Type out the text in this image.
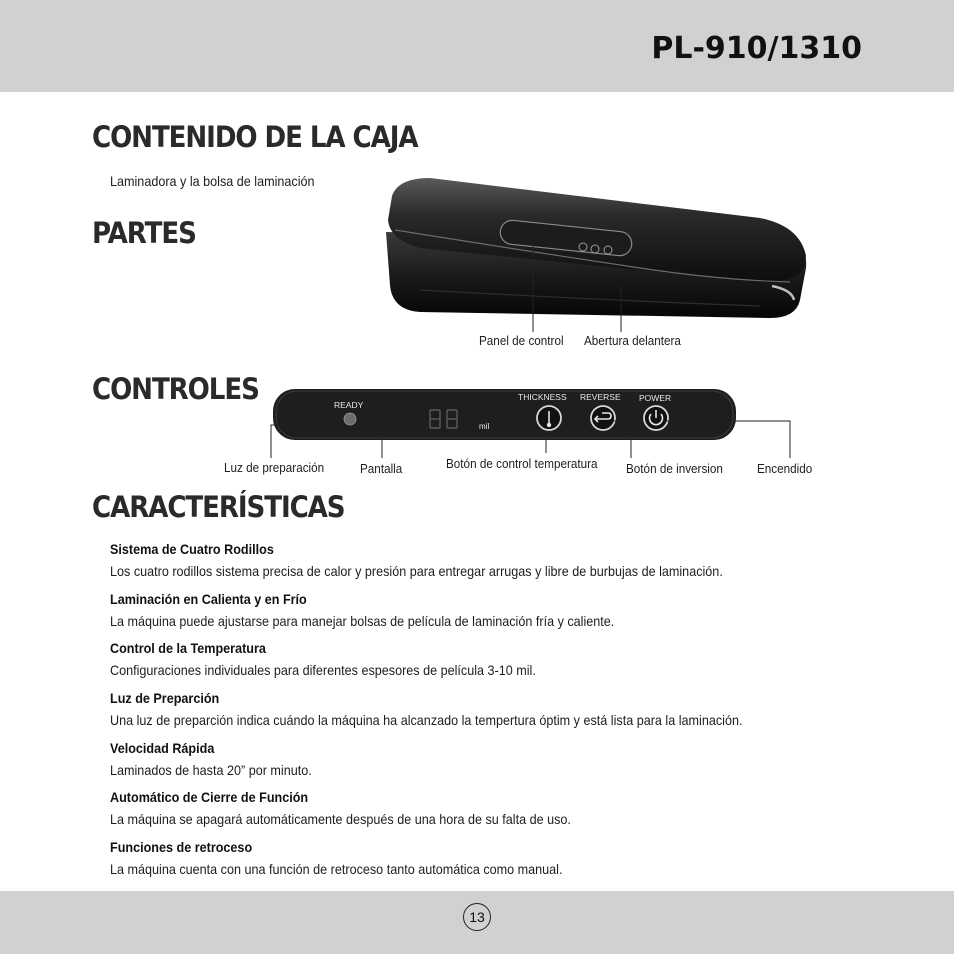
PL-910/1310
CONTENIDO DE LA CAJA
Laminadora y la bolsa de laminación
PARTES
Panel de control Abertura delantera
CONTROLES	READY
THICKNESS REVERSE POWER
mil
Luz de preparación	Pantalla	Botón de control temperatura Botón de inversion	Encendido
CARACTERÍSTICAS
Sistema de Cuatro Rodillos
Los cuatro rodillos sistema precisa de calor y presión para entregar arrugas y libre de burbujas de laminación.
Laminación en Calienta y en Frío
La máquina puede ajustarse para manejar bolsas de película de laminación fría y caliente.
Control de la Temperatura
Configuraciones individuales para diferentes espesores de película 3-10 mil.
Luz de Preparción
Una luz de preparción indica cuándo la máquina ha alcanzado la tempertura óptim y está lista para la laminación.
Velocidad Rápida
Laminados de hasta 20” por minuto.
Automático de Cierre de Función
La máquina se apagará automáticamente después de una hora de su falta de uso.
Funciones de retroceso
La máquina cuenta con una función de retroceso tanto automática como manual.
13
